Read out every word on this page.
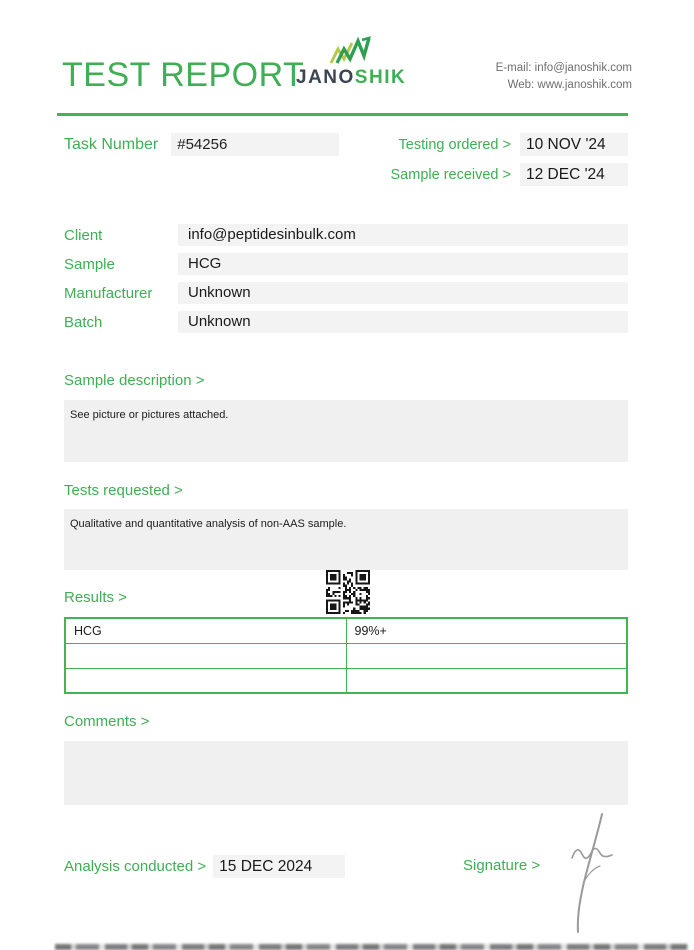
TEST REPORT
JANOSHIK	E-mail: info@janoshik.com
Web: www.janoshik.com
Task Number	#54256	Testing ordered > 10 NOV '24
Sample received > 12 DEC '24
Client	info@peptidesinbulk.com
Sample	HCG
Manufacturer	Unknown
Batch	Unknown
Sample description >
See picture or pictures attached.
Tests requested >
Qualitative and quantitative analysis of non-AAS sample.
Results >
HCG	99%+

Comments >
Analysis conducted > 15 DEC 2024	Signature >
